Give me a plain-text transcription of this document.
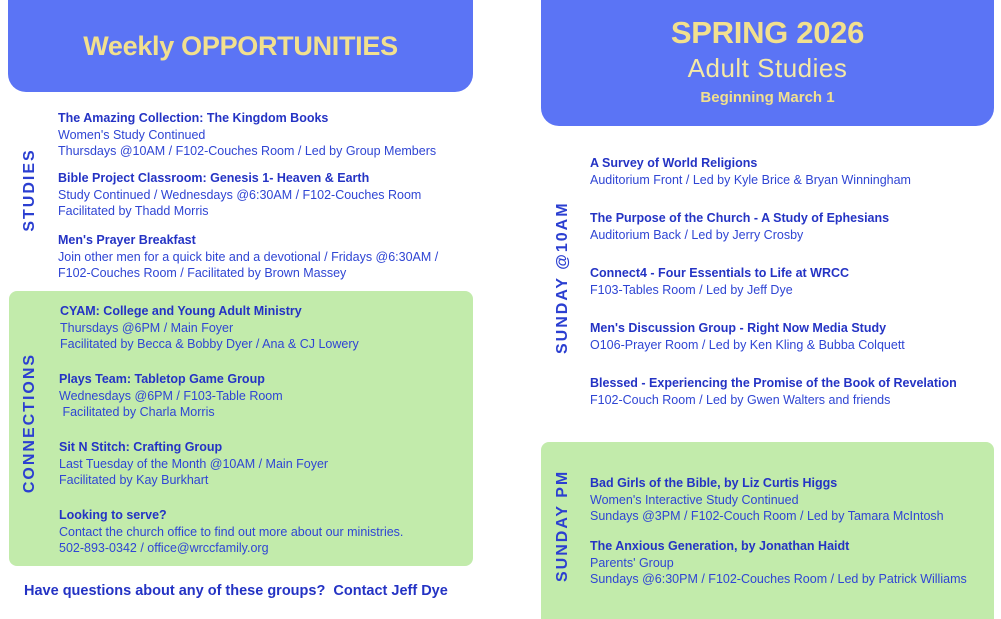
Weekly OPPORTUNITIES	SPRING 2026
Adult Studies
Beginning March 1
STUDIES
CONNECTIONS
SUNDAY @10AM
SUNDAY PM
The Amazing Collection: The Kingdom Books
Women's Study Continued
Thursdays @10AM / F102-Couches Room / Led by Group Members
Bible Project Classroom: Genesis 1- Heaven & Earth
Study Continued / Wednesdays @6:30AM / F102-Couches Room
Facilitated by Thadd Morris
Men's Prayer Breakfast
Join other men for a quick bite and a devotional / Fridays @6:30AM /
F102-Couches Room / Facilitated by Brown Massey
CYAM: College and Young Adult Ministry
Thursdays @6PM / Main Foyer
Facilitated by Becca & Bobby Dyer / Ana & CJ Lowery
Plays Team: Tabletop Game Group
Wednesdays @6PM / F103-Table Room
Facilitated by Charla Morris
Sit N Stitch: Crafting Group
Last Tuesday of the Month @10AM / Main Foyer
Facilitated by Kay Burkhart
Looking to serve?
Contact the church office to find out more about our ministries.
502-893-0342 / office@wrccfamily.org
A Survey of World Religions
Auditorium Front / Led by Kyle Brice & Bryan Winningham
The Purpose of the Church - A Study of Ephesians
Auditorium Back / Led by Jerry Crosby
Connect4 - Four Essentials to Life at WRCC
F103-Tables Room / Led by Jeff Dye
Men's Discussion Group - Right Now Media Study
O106-Prayer Room / Led by Ken Kling & Bubba Colquett
Blessed - Experiencing the Promise of the Book of Revelation
F102-Couch Room / Led by Gwen Walters and friends
Bad Girls of the Bible, by Liz Curtis Higgs
Women's Interactive Study Continued
Sundays @3PM / F102-Couch Room / Led by Tamara McIntosh
The Anxious Generation, by Jonathan Haidt
Parents' Group
Sundays @6:30PM / F102-Couches Room / Led by Patrick Williams
Have questions about any of these groups?  Contact Jeff Dye
